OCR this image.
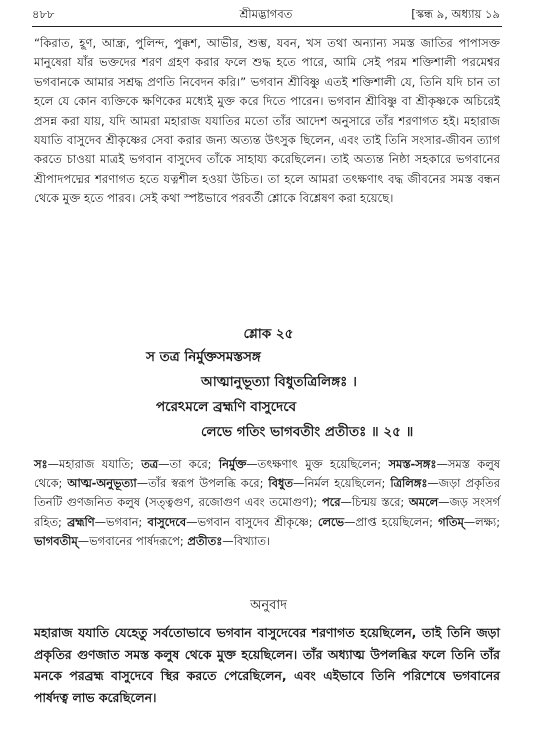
৪৮৮	শ্রীমদ্ভাগবত	[স্কন্ধ ৯, অধ্যায় ১৯

“কিরাত, হূণ, আন্ধ্র, পুলিন্দ, পুক্কশ, আভীর, শুম্ভ, যবন, খস তথা অন্যান্য সমস্ত জাতির পাপাসক্ত মানুষেরা যাঁর ভক্তদের শরণ গ্রহণ করার ফলে শুদ্ধ হতে পারে, আমি সেই পরম শক্তিশালী পরমেশ্বর ভগবানকে আমার সশ্রদ্ধ প্রণতি নিবেদন করি।” ভগবান শ্রীবিষ্ণু এতই শক্তিশালী যে, তিনি যদি চান তা হলে যে কোন ব্যক্তিকে ক্ষণিকের মধ্যেই মুক্ত করে দিতে পারেন। ভগবান শ্রীবিষ্ণু বা শ্রীকৃষ্ণকে অচিরেই প্রসন্ন করা যায়, যদি আমরা মহারাজ যযাতির মতো তাঁর আদেশ অনুসারে তাঁর শরণাগত হই। মহারাজ যযাতি বাসুদেব শ্রীকৃষ্ণের সেবা করার জন্য অত্যন্ত উৎসুক ছিলেন, এবং তাই তিনি সংসার-জীবন ত্যাগ করতে চাওয়া মাত্রই ভগবান বাসুদেব তাঁকে সাহায্য করেছিলেন। তাই অত্যন্ত নিষ্ঠা সহকারে ভগবানের শ্রীপাদপদ্মের শরণাগত হতে যত্নশীল হওয়া উচিত। তা হলে আমরা তৎক্ষণাৎ বদ্ধ জীবনের সমস্ত বন্ধন থেকে মুক্ত হতে পারব। সেই কথা স্পষ্টভাবে পরবর্তী শ্লোকে বিশ্লেষণ করা হয়েছে।

শ্লোক ২৫
স তত্র নির্মুক্তসমস্তসঙ্গ
আত্মানুভূত্যা বিধুতত্রিলিঙ্গঃ ।
পরেঽমলে ব্রহ্মণি বাসুদেবে
লেভে গতিং ভাগবতীং প্রতীতঃ ॥ ২৫ ॥

সঃ—মহারাজ যযাতি; তত্র—তা করে; নির্মুক্ত—তৎক্ষণাৎ মুক্ত হয়েছিলেন; সমস্ত-সঙ্গঃ—সমস্ত কলুষ থেকে; আত্ম-অনুভূত্যা—তাঁর স্বরূপ উপলব্ধি করে; বিধুত—নির্মল হয়েছিলেন; ত্রিলিঙ্গঃ—জড়া প্রকৃতির তিনটি গুণজনিত কলুষ (সত্ত্বগুণ, রজোগুণ এবং তমোগুণ); পরে—চিন্ময় স্তরে; অমলে—জড় সংসর্গ রহিত; ব্রহ্মণি—ভগবান; বাসুদেবে—ভগবান বাসুদেব শ্রীকৃষ্ণে; লেভে—প্রাপ্ত হয়েছিলেন; গতিম্—লক্ষ্য; ভাগবতীম্—ভগবানের পার্ষদরূপে; প্রতীতঃ—বিখ্যাত।

অনুবাদ

মহারাজ যযাতি যেহেতু সর্বতোভাবে ভগবান বাসুদেবের শরণাগত হয়েছিলেন, তাই তিনি জড়া প্রকৃতির গুণজাত সমস্ত কলুষ থেকে মুক্ত হয়েছিলেন। তাঁর অধ্যাত্ম উপলব্ধির ফলে তিনি তাঁর মনকে পরব্রহ্ম বাসুদেবে স্থির করতে পেরেছিলেন, এবং এইভাবে তিনি পরিশেষে ভগবানের পার্ষদত্ব লাভ করেছিলেন।
